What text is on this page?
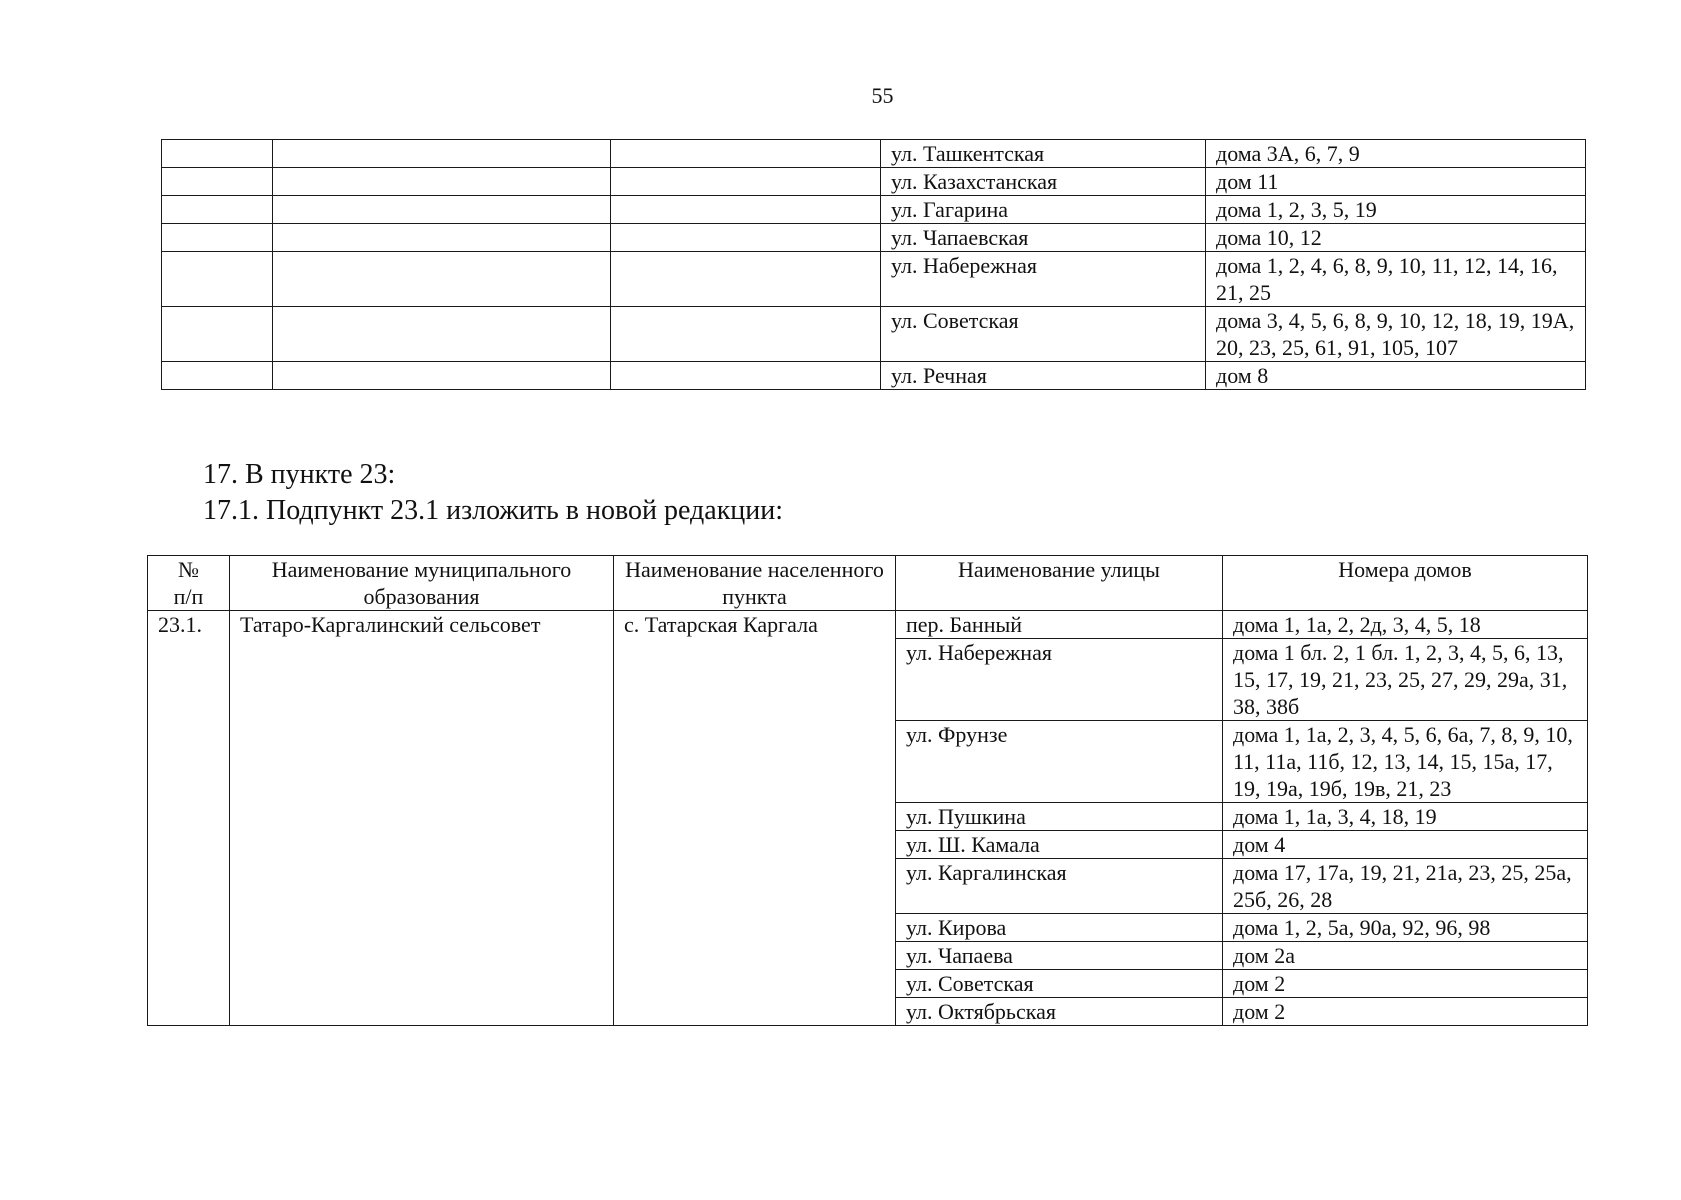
55
			ул. Ташкентская	дома 3А, 6, 7, 9
			ул. Казахстанская	дом 11
			ул. Гагарина	дома 1, 2, 3, 5, 19
			ул. Чапаевская	дома 10, 12
			ул. Набережная	дома 1, 2, 4, 6, 8, 9, 10, 11, 12, 14, 16, 21, 25
			ул. Советская	дома 3, 4, 5, 6, 8, 9, 10, 12, 18, 19, 19А, 20, 23, 25, 61, 91, 105, 107
			ул. Речная	дом 8
17. В пункте 23:
17.1. Подпункт 23.1 изложить в новой редакции:
№
п/п	Наименование муниципального образования	Наименование населенного пункта	Наименование улицы	Номера домов
23.1.	Татаро-Каргалинский сельсовет	с. Татарская Каргала	пер. Банный	дома 1, 1а, 2, 2д, 3, 4, 5, 18
			ул. Набережная	дома 1 бл. 2, 1 бл. 1, 2, 3, 4, 5, 6, 13, 15, 17, 19, 21, 23, 25, 27, 29, 29а, 31, 38, 38б
			ул. Фрунзе	дома 1, 1а, 2, 3, 4, 5, 6, 6а, 7, 8, 9, 10, 11, 11а, 11б, 12, 13, 14, 15, 15а, 17, 19, 19а, 19б, 19в, 21, 23
			ул. Пушкина	дома 1, 1а, 3, 4, 18, 19
			ул. Ш. Камала	дом 4
			ул. Каргалинская	дома 17, 17а, 19, 21, 21а, 23, 25, 25а, 25б, 26, 28
			ул. Кирова	дома 1, 2, 5а, 90а, 92, 96, 98
			ул. Чапаева	дом 2а
			ул. Советская	дом 2
			ул. Октябрьская	дом 2
